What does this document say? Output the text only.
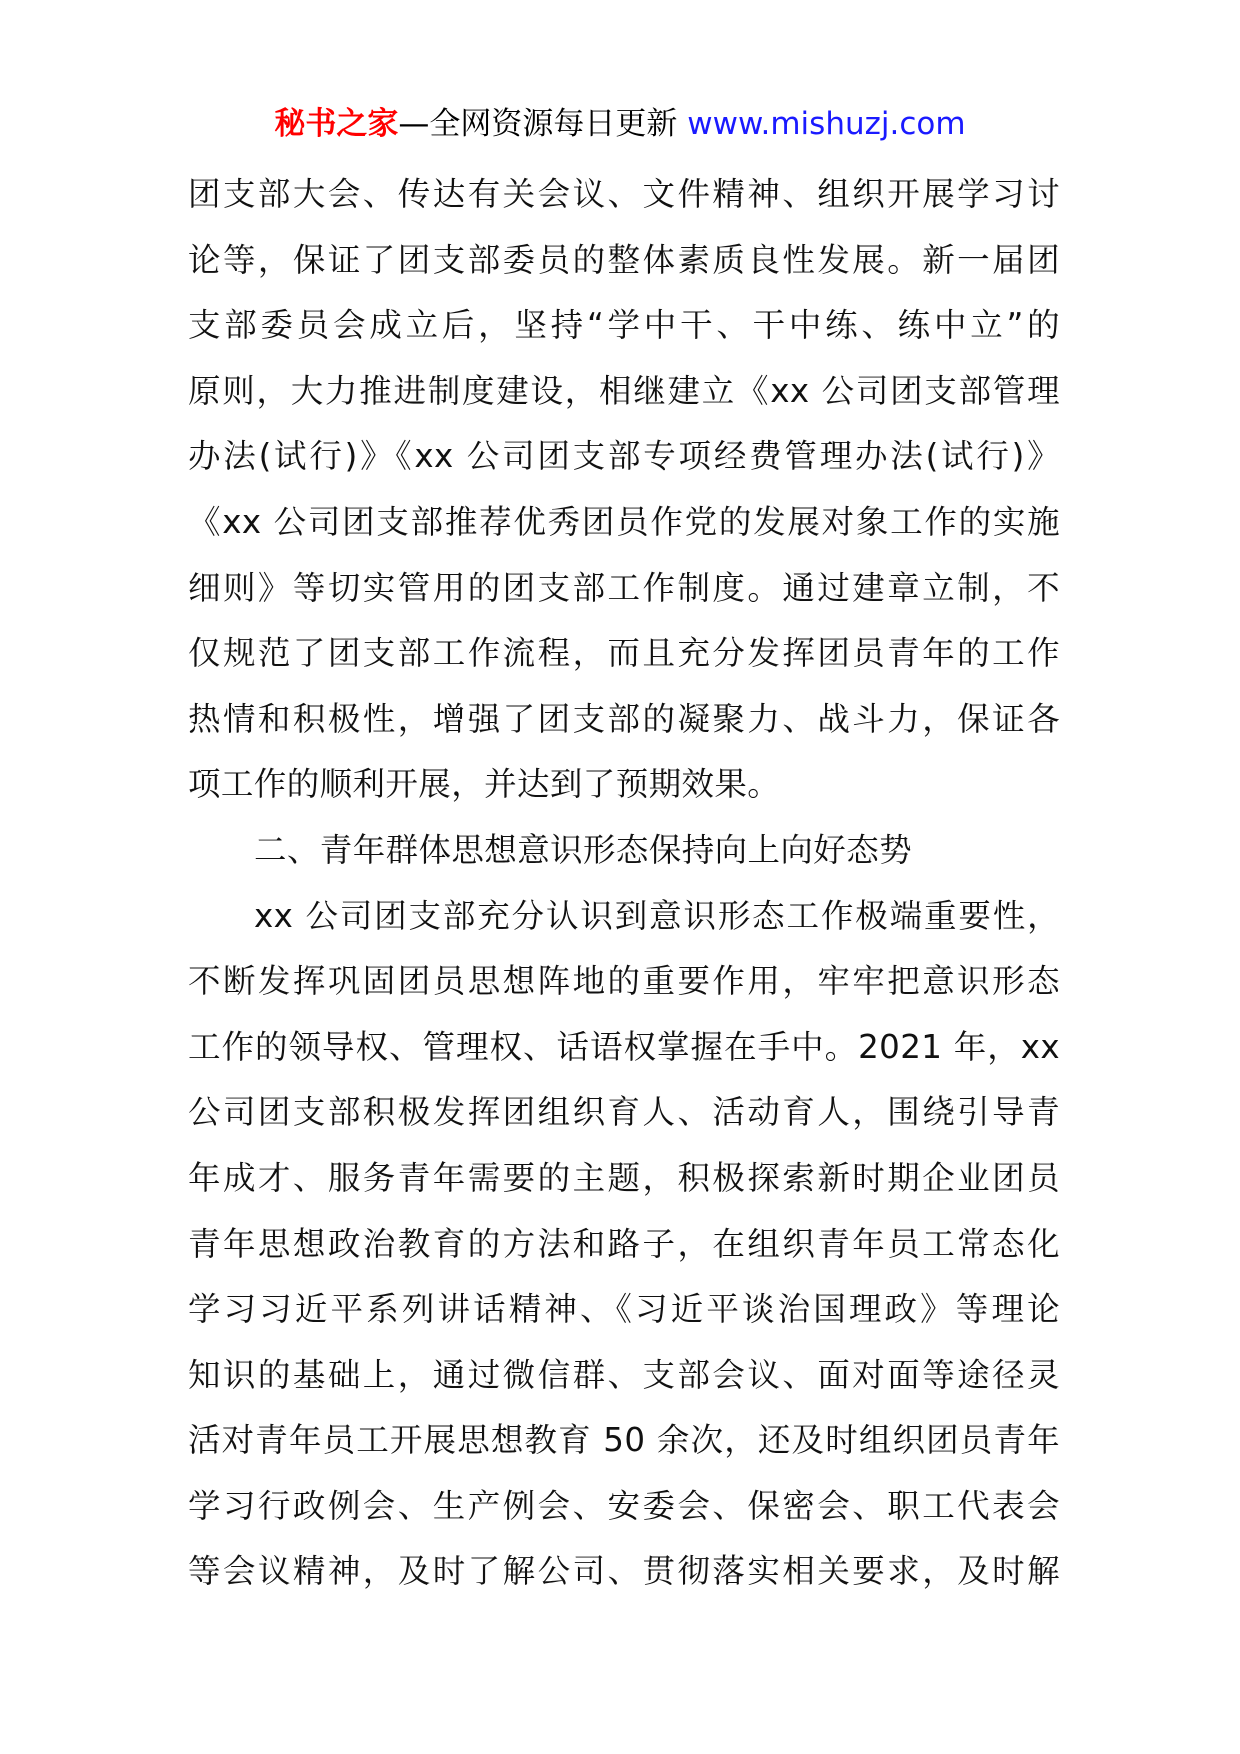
秘书之家—全网资源每日更新 www.mishuzj.com
团支部大会、传达有关会议、文件精神、组织开展学习讨
论等，保证了团支部委员的整体素质良性发展。新一届团
支部委员会成立后，坚持“学中干、干中练、练中立”的
原则，大力推进制度建设，相继建立《xx 公司团支部管理
办法(试行)》《xx 公司团支部专项经费管理办法(试行)》
《xx 公司团支部推荐优秀团员作党的发展对象工作的实施
细则》等切实管用的团支部工作制度。通过建章立制，不
仅规范了团支部工作流程，而且充分发挥团员青年的工作
热情和积极性，增强了团支部的凝聚力、战斗力，保证各
项工作的顺利开展，并达到了预期效果。
二、青年群体思想意识形态保持向上向好态势
xx 公司团支部充分认识到意识形态工作极端重要性，
不断发挥巩固团员思想阵地的重要作用，牢牢把意识形态
工作的领导权、管理权、话语权掌握在手中。2021 年，xx
公司团支部积极发挥团组织育人、活动育人，围绕引导青
年成才、服务青年需要的主题，积极探索新时期企业团员
青年思想政治教育的方法和路子，在组织青年员工常态化
学习习近平系列讲话精神、《习近平谈治国理政》等理论
知识的基础上，通过微信群、支部会议、面对面等途径灵
活对青年员工开展思想教育 50 余次，还及时组织团员青年
学习行政例会、生产例会、安委会、保密会、职工代表会
等会议精神，及时了解公司、贯彻落实相关要求，及时解
